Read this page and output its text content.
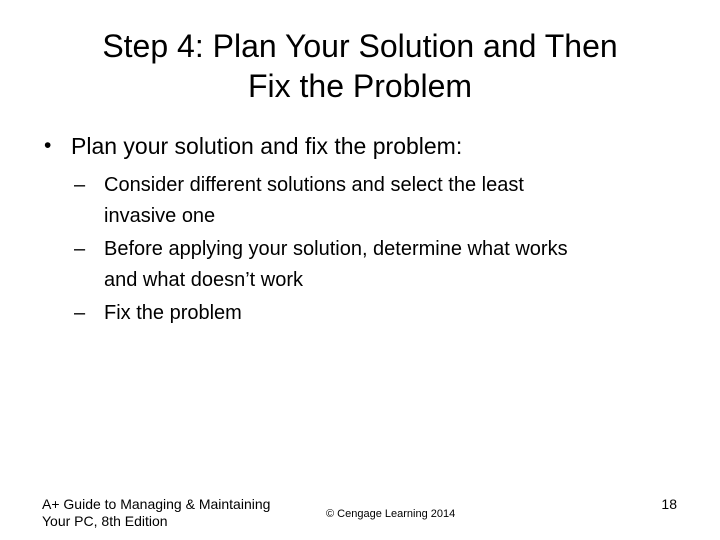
Step 4: Plan Your Solution and Then
Fix the Problem
• Plan your solution and fix the problem:
– Consider different solutions and select the least
invasive one
– Before applying your solution, determine what works
and what doesn’t work
– Fix the problem
A+ Guide to Managing & Maintaining
Your PC, 8th Edition	© Cengage Learning 2014
18
